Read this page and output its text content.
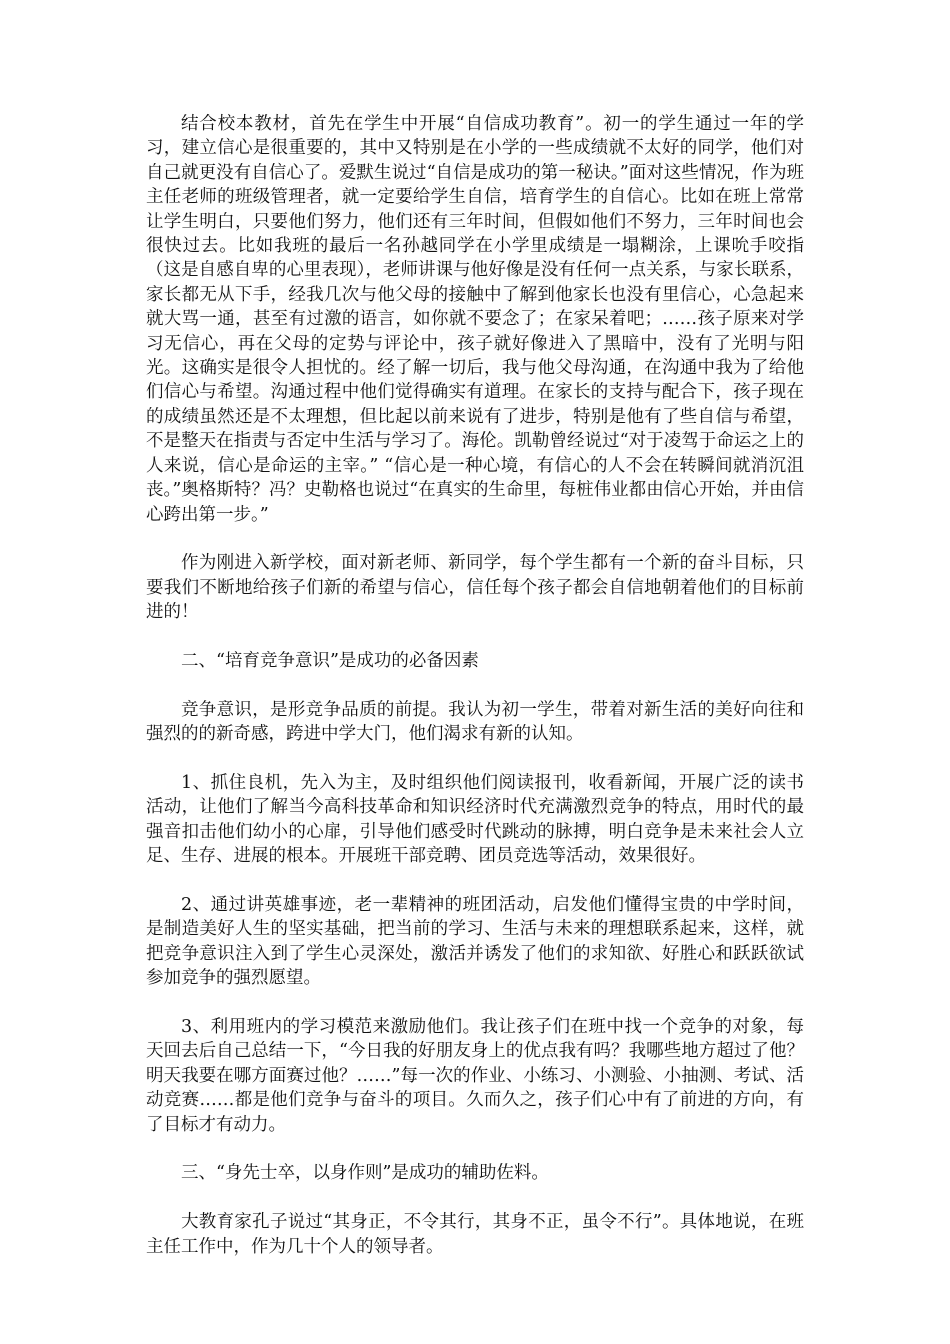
结合校本教材，首先在学生中开展“自信成功教育”。初一的学生通过一年的学习，建立信心是很重要的，其中又特别是在小学的一些成绩就不太好的同学，他们对自己就更没有自信心了。爱默生说过“自信是成功的第一秘诀。”面对这些情况，作为班主任老师的班级管理者，就一定要给学生自信，培育学生的自信心。比如在班上常常让学生明白，只要他们努力，他们还有三年时间，但假如他们不努力，三年时间也会很快过去。比如我班的最后一名孙越同学在小学里成绩是一塌糊涂，上课吮手咬指（这是自感自卑的心里表现），老师讲课与他好像是没有任何一点关系，与家长联系，家长都无从下手，经我几次与他父母的接触中了解到他家长也没有里信心，心急起来就大骂一通，甚至有过激的语言，如你就不要念了；在家呆着吧；……孩子原来对学习无信心，再在父母的定势与评论中，孩子就好像进入了黑暗中，没有了光明与阳光。这确实是很令人担忧的。经了解一切后，我与他父母沟通，在沟通中我为了给他们信心与希望。沟通过程中他们觉得确实有道理。在家长的支持与配合下，孩子现在的成绩虽然还是不太理想，但比起以前来说有了进步，特别是他有了些自信与希望，不是整天在指责与否定中生活与学习了。海伦。凯勒曾经说过“对于凌驾于命运之上的人来说，信心是命运的主宰。” “信心是一种心境，有信心的人不会在转瞬间就消沉沮丧。”奥格斯特？冯？史勒格也说过“在真实的生命里，每桩伟业都由信心开始，并由信心跨出第一步。”

作为刚进入新学校，面对新老师、新同学，每个学生都有一个新的奋斗目标，只要我们不断地给孩子们新的希望与信心，信任每个孩子都会自信地朝着他们的目标前进的！

二、“培育竞争意识”是成功的必备因素

竞争意识，是形竞争品质的前提。我认为初一学生，带着对新生活的美好向往和强烈的的新奇感，跨进中学大门，他们渴求有新的认知。

1、抓住良机，先入为主，及时组织他们阅读报刊，收看新闻，开展广泛的读书活动，让他们了解当今高科技革命和知识经济时代充满激烈竞争的特点，用时代的最强音扣击他们幼小的心扉，引导他们感受时代跳动的脉搏，明白竞争是未来社会人立足、生存、进展的根本。开展班干部竞聘、团员竞选等活动，效果很好。

2、通过讲英雄事迹，老一辈精神的班团活动，启发他们懂得宝贵的中学时间，是制造美好人生的坚实基础，把当前的学习、生活与未来的理想联系起来，这样，就把竞争意识注入到了学生心灵深处，激活并诱发了他们的求知欲、好胜心和跃跃欲试参加竞争的强烈愿望。

3、利用班内的学习模范来激励他们。我让孩子们在班中找一个竞争的对象，每天回去后自己总结一下，“今日我的好朋友身上的优点我有吗？我哪些地方超过了他？明天我要在哪方面赛过他？……”每一次的作业、小练习、小测验、小抽测、考试、活动竞赛……都是他们竞争与奋斗的项目。久而久之，孩子们心中有了前进的方向，有了目标才有动力。

三、“身先士卒，以身作则”是成功的辅助佐料。

大教育家孔子说过“其身正，不令其行，其身不正，虽令不行”。具体地说，在班主任工作中，作为几十个人的领导者。
